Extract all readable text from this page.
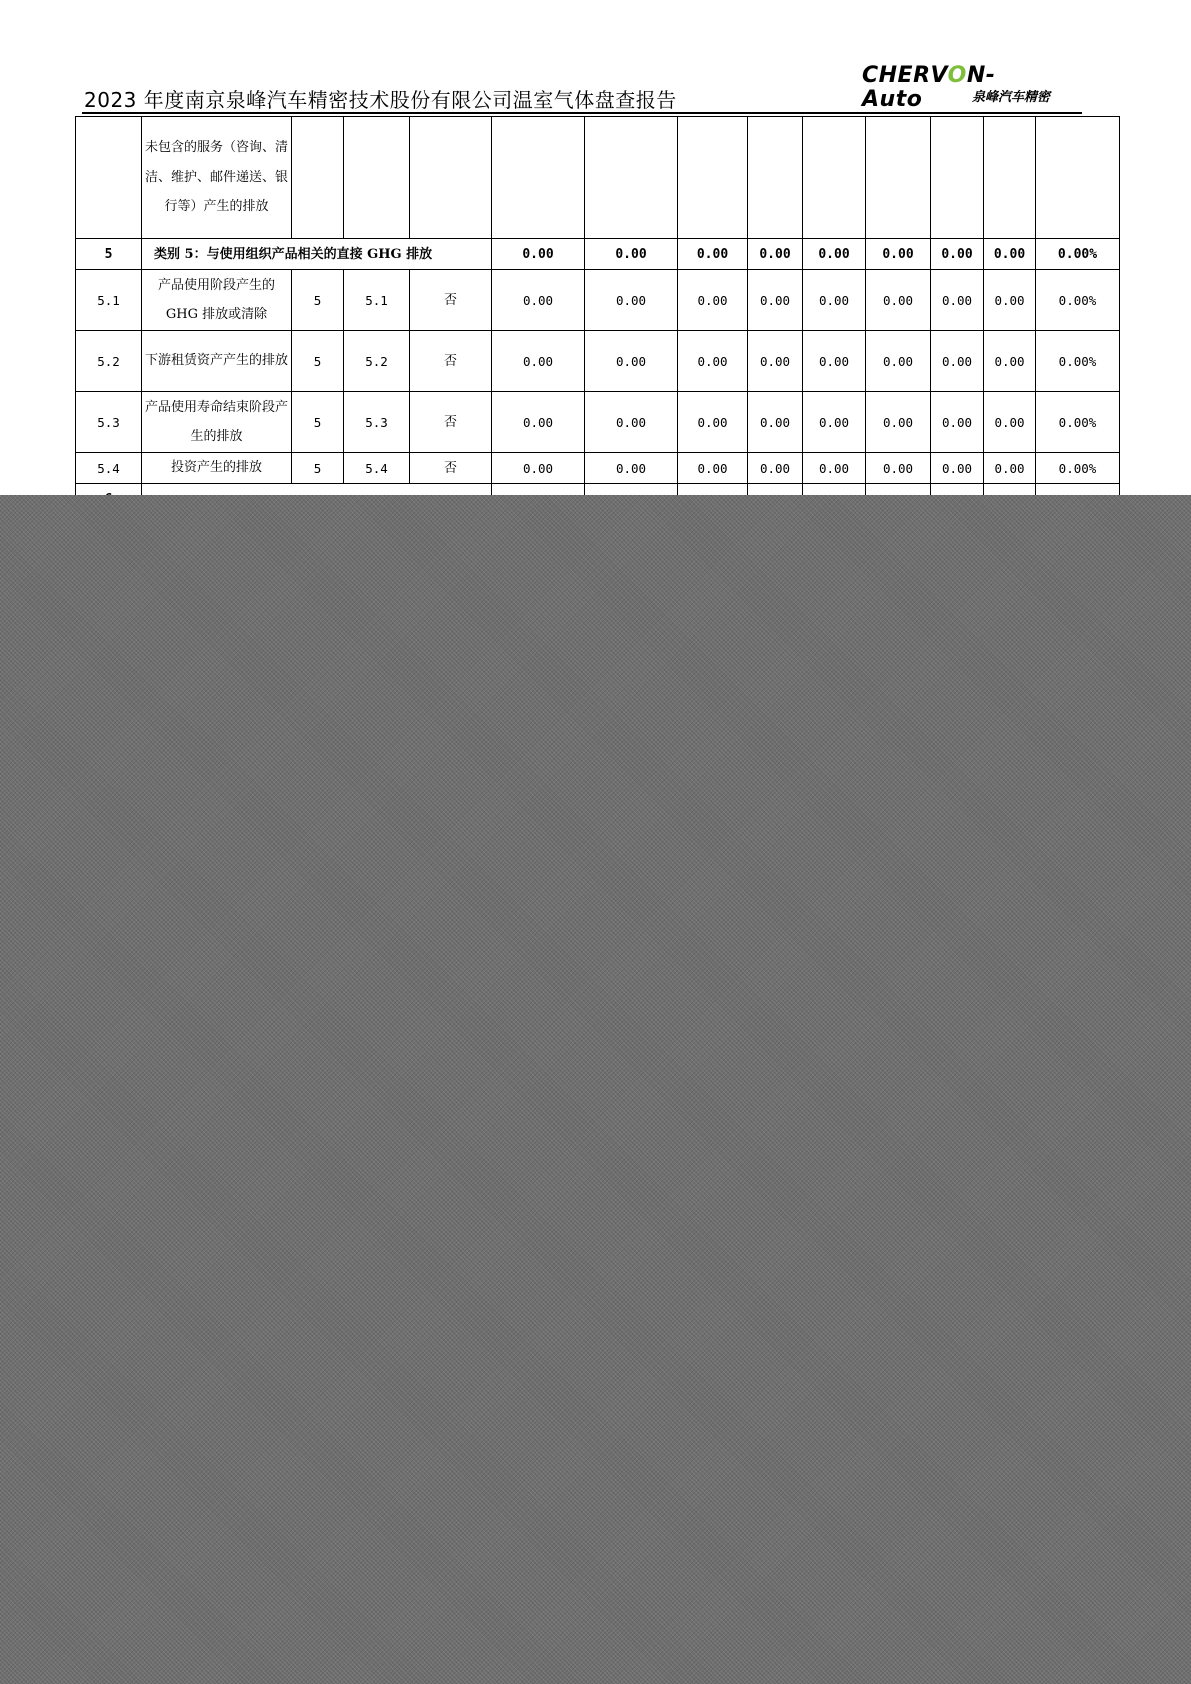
2023 年度南京泉峰汽车精密技术股份有限公司温室气体盘查报告
CHERVON-Auto	泉峰汽车精密
	未包含的服务（咨询、清洁、维护、邮件递送、银行等）产生的排放												
5	类别 5：与使用组织产品相关的直接 GHG 排放				0.00	0.00	0.00	0.00	0.00	0.00	0.00	0.00	0.00%
5.1	产品使用阶段产生的 GHG 排放或清除	5	5.1	否	0.00	0.00	0.00	0.00	0.00	0.00	0.00	0.00	0.00%
5.2	下游租赁资产产生的排放	5	5.2	否	0.00	0.00	0.00	0.00	0.00	0.00	0.00	0.00	0.00%
5.3	产品使用寿命结束阶段产生的排放	5	5.3	否	0.00	0.00	0.00	0.00	0.00	0.00	0.00	0.00	0.00%
5.4	投资产生的排放	5	5.4	否	0.00	0.00	0.00	0.00	0.00	0.00	0.00	0.00	0.00%
